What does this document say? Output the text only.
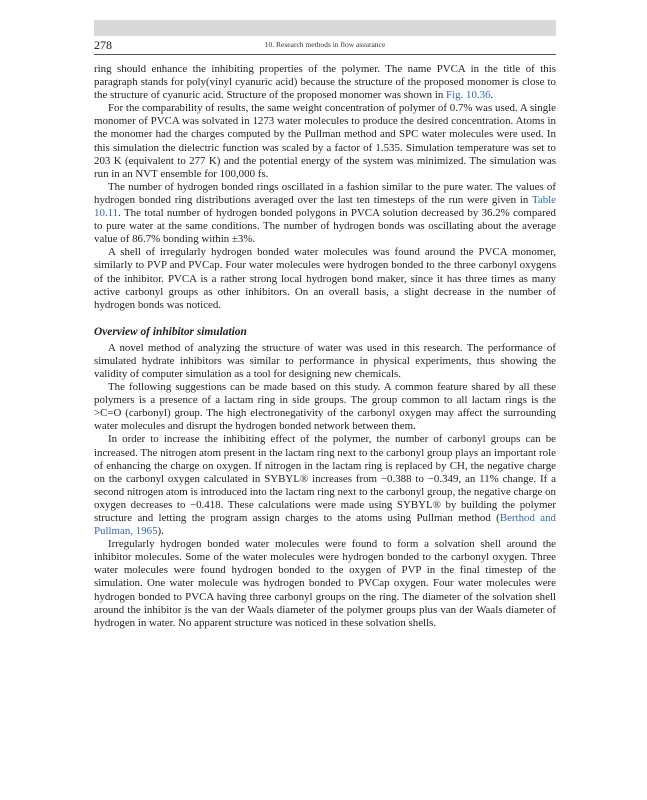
278	10. Research methods in flow assurance

ring should enhance the inhibiting properties of the polymer. The name PVCA in the title of this paragraph stands for poly(vinyl cyanuric acid) because the structure of the proposed monomer is close to the structure of cyanuric acid. Structure of the proposed monomer was shown in Fig. 10.36.

For the comparability of results, the same weight concentration of polymer of 0.7% was used. A single monomer of PVCA was solvated in 1273 water molecules to produce the desired concentration. Atoms in the monomer had the charges computed by the Pullman method and SPC water molecules were used. In this simulation the dielectric function was scaled by a factor of 1.535. Simulation temperature was set to 203 K (equivalent to 277 K) and the potential energy of the system was minimized. The simulation was run in an NVT ensemble for 100,000 fs.

The number of hydrogen bonded rings oscillated in a fashion similar to the pure water. The values of hydrogen bonded ring distributions averaged over the last ten timesteps of the run were given in Table 10.11. The total number of hydrogen bonded polygons in PVCA solution decreased by 36.2% compared to pure water at the same conditions. The number of hydrogen bonds was oscillating about the average value of 86.7% bonding within ±3%.

A shell of irregularly hydrogen bonded water molecules was found around the PVCA monomer, similarly to PVP and PVCap. Four water molecules were hydrogen bonded to the three carbonyl oxygens of the inhibitor. PVCA is a rather strong local hydrogen bond maker, since it has three times as many active carbonyl groups as other inhibitors. On an overall basis, a slight decrease in the number of hydrogen bonds was noticed.

Overview of inhibitor simulation

A novel method of analyzing the structure of water was used in this research. The performance of simulated hydrate inhibitors was similar to performance in physical experiments, thus showing the validity of computer simulation as a tool for designing new chemicals.

The following suggestions can be made based on this study. A common feature shared by all these polymers is a presence of a lactam ring in side groups. The group common to all lactam rings is the >C=O (carbonyl) group. The high electronegativity of the carbonyl oxygen may affect the surrounding water molecules and disrupt the hydrogen bonded network between them.

In order to increase the inhibiting effect of the polymer, the number of carbonyl groups can be increased. The nitrogen atom present in the lactam ring next to the carbonyl group plays an important role of enhancing the charge on oxygen. If nitrogen in the lactam ring is replaced by CH, the negative charge on the carbonyl oxygen calculated in SYBYL® increases from −0.388 to −0.349, an 11% change. If a second nitrogen atom is introduced into the lactam ring next to the carbonyl group, the negative charge on oxygen decreases to −0.418. These calculations were made using SYBYL® by building the polymer structure and letting the program assign charges to the atoms using Pullman method (Berthod and Pullman, 1965).

Irregularly hydrogen bonded water molecules were found to form a solvation shell around the inhibitor molecules. Some of the water molecules were hydrogen bonded to the carbonyl oxygen. Three water molecules were found hydrogen bonded to the oxygen of PVP in the final timestep of the simulation. One water molecule was hydrogen bonded to PVCap oxygen. Four water molecules were hydrogen bonded to PVCA having three carbonyl groups on the ring. The diameter of the solvation shell around the inhibitor is the van der Waals diameter of the polymer groups plus van der Waals diameter of hydrogen in water. No apparent structure was noticed in these solvation shells.
